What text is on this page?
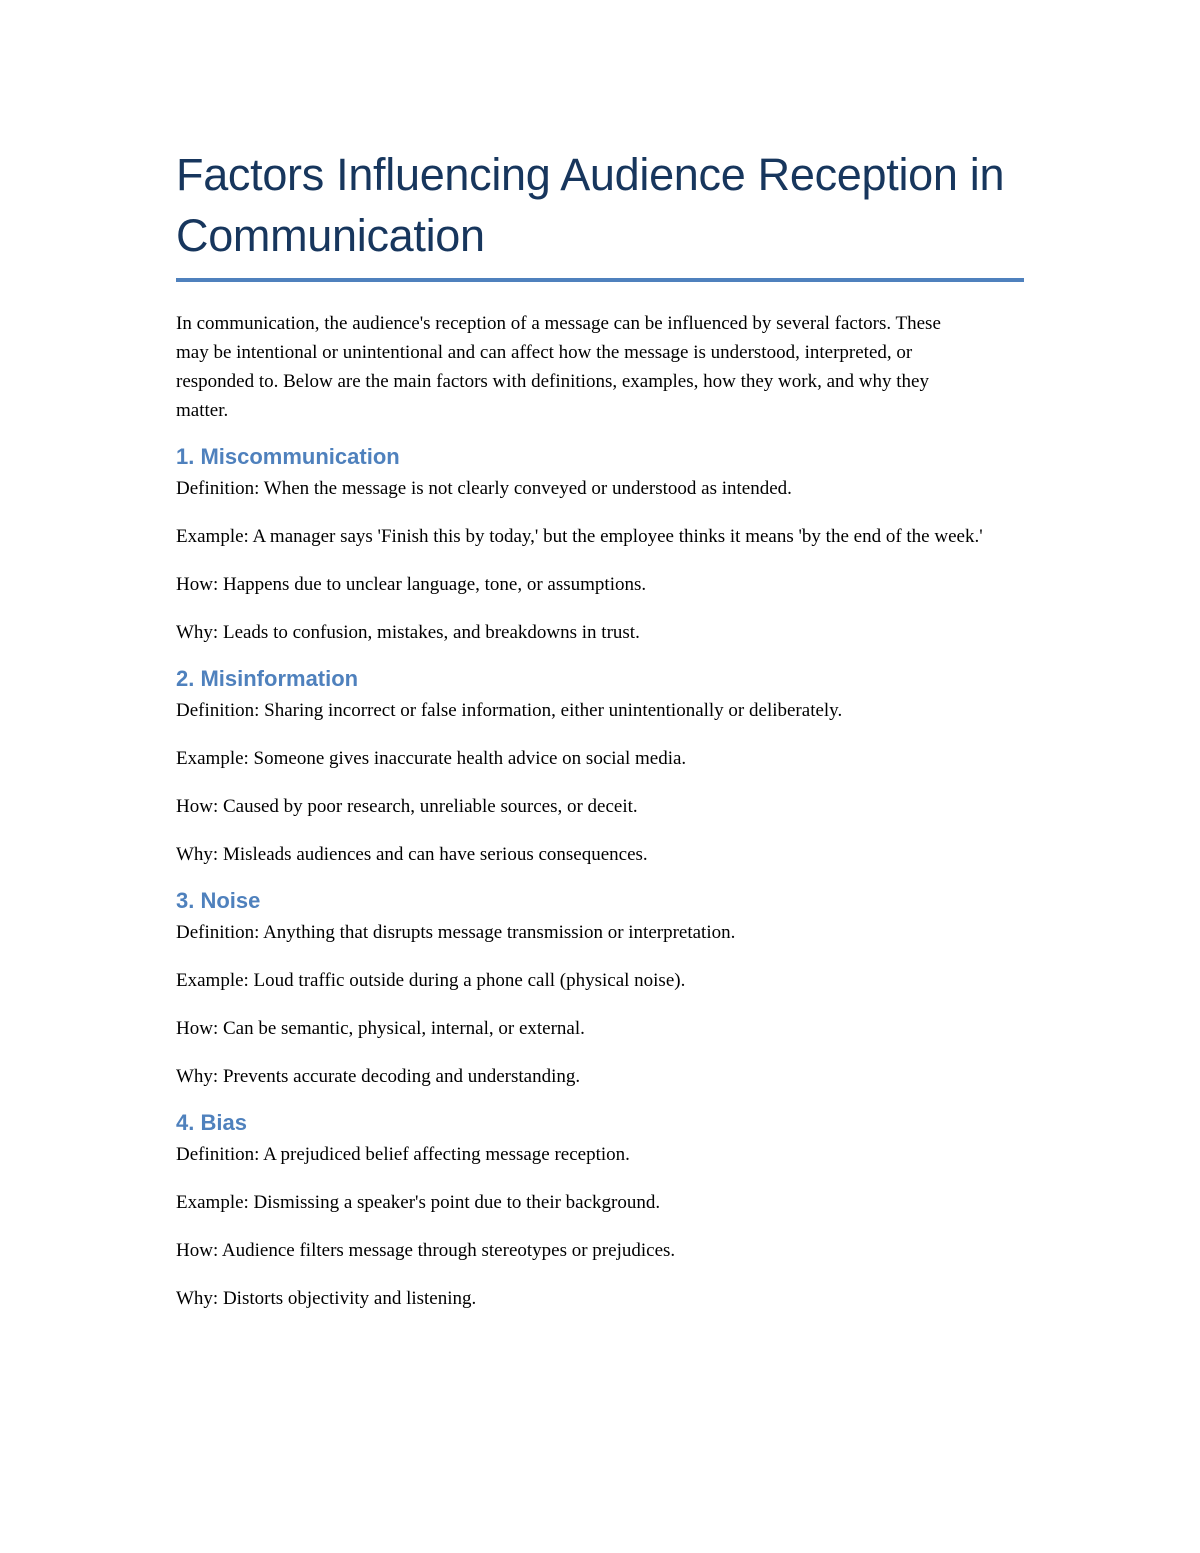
Factors Influencing Audience Reception in Communication

In communication, the audience's reception of a message can be influenced by several factors. These may be intentional or unintentional and can affect how the message is understood, interpreted, or responded to. Below are the main factors with definitions, examples, how they work, and why they matter.

1. Miscommunication

Definition: When the message is not clearly conveyed or understood as intended.

Example: A manager says 'Finish this by today,' but the employee thinks it means 'by the end of the week.'

How: Happens due to unclear language, tone, or assumptions.

Why: Leads to confusion, mistakes, and breakdowns in trust.

2. Misinformation

Definition: Sharing incorrect or false information, either unintentionally or deliberately.

Example: Someone gives inaccurate health advice on social media.

How: Caused by poor research, unreliable sources, or deceit.

Why: Misleads audiences and can have serious consequences.

3. Noise

Definition: Anything that disrupts message transmission or interpretation.

Example: Loud traffic outside during a phone call (physical noise).

How: Can be semantic, physical, internal, or external.

Why: Prevents accurate decoding and understanding.

4. Bias

Definition: A prejudiced belief affecting message reception.

Example: Dismissing a speaker's point due to their background.

How: Audience filters message through stereotypes or prejudices.

Why: Distorts objectivity and listening.
